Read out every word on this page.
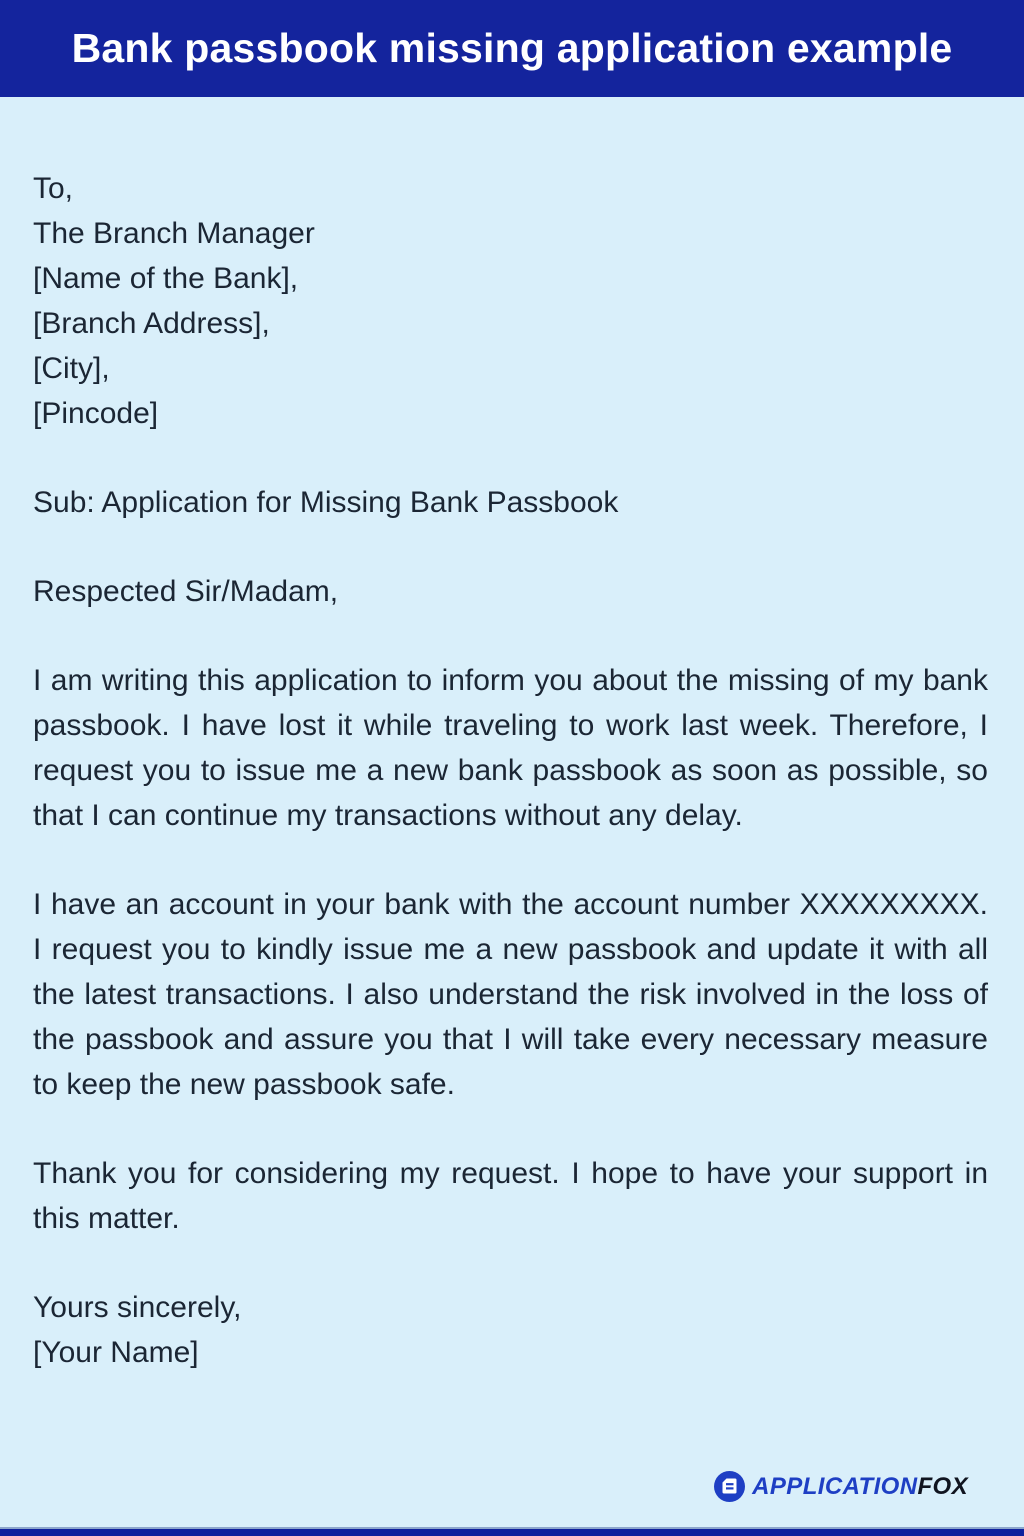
Bank passbook missing application example
To,
The Branch Manager
[Name of the Bank],
[Branch Address],
[City],
[Pincode]
Sub: Application for Missing Bank Passbook
Respected Sir/Madam,

I am writing this application to inform you about the missing of my bank passbook. I have lost it while traveling to work last week. Therefore, I request you to issue me a new bank passbook as soon as possible, so that I can continue my transactions without any delay.

I have an account in your bank with the account number XXXXXXXXX. I request you to kindly issue me a new passbook and update it with all the latest transactions. I also understand the risk involved in the loss of the passbook and assure you that I will take every necessary measure to keep the new passbook safe.

Thank you for considering my request. I hope to have your support in this matter.

Yours sincerely,
[Your Name]
APPLICATIONFOX
